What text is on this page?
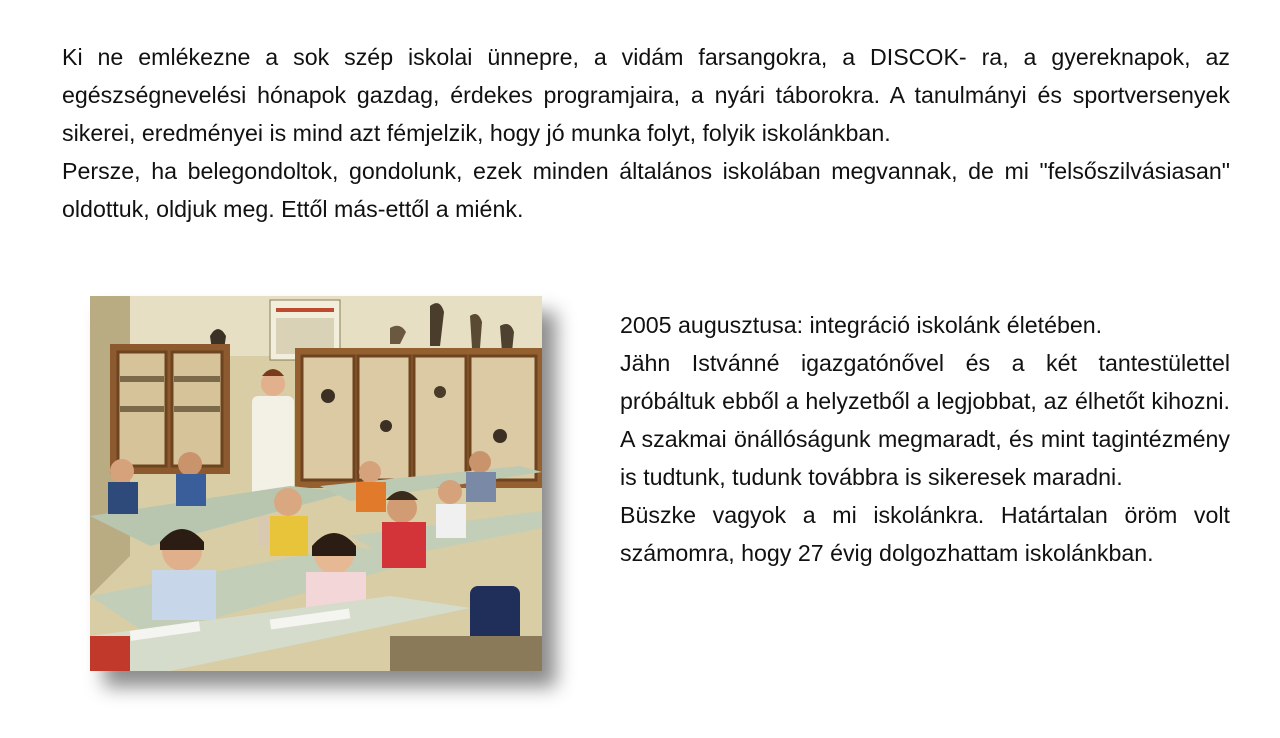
Ki ne emlékezne a sok szép iskolai ünnepre, a vidám farsangokra, a DISCOK- ra, a gyereknapok, az egészségnevelési hónapok gazdag, érdekes programjaira, a nyári táborokra. A tanulmányi és sportversenyek sikerei, eredményei is mind azt fémjelzik, hogy jó munka folyt, folyik iskolánkban.

Persze, ha belegondoltok, gondolunk, ezek minden általános iskolában megvannak, de mi "felsőszilvásiasan" oldottuk, oldjuk meg. Ettől más-ettől a miénk.

2005 augusztusa: integráció iskolánk életében.

Jähn Istvánné igazgatónővel és a két tantestülettel próbáltuk ebből a helyzetből a legjobbat, az élhetőt kihozni. A szakmai önállóságunk megmaradt, és mint tagintézmény is tudtunk, tudunk továbbra is sikeresek maradni.

Büszke vagyok a mi iskolánkra. Határtalan öröm volt számomra, hogy 27 évig dolgozhattam iskolánkban.
